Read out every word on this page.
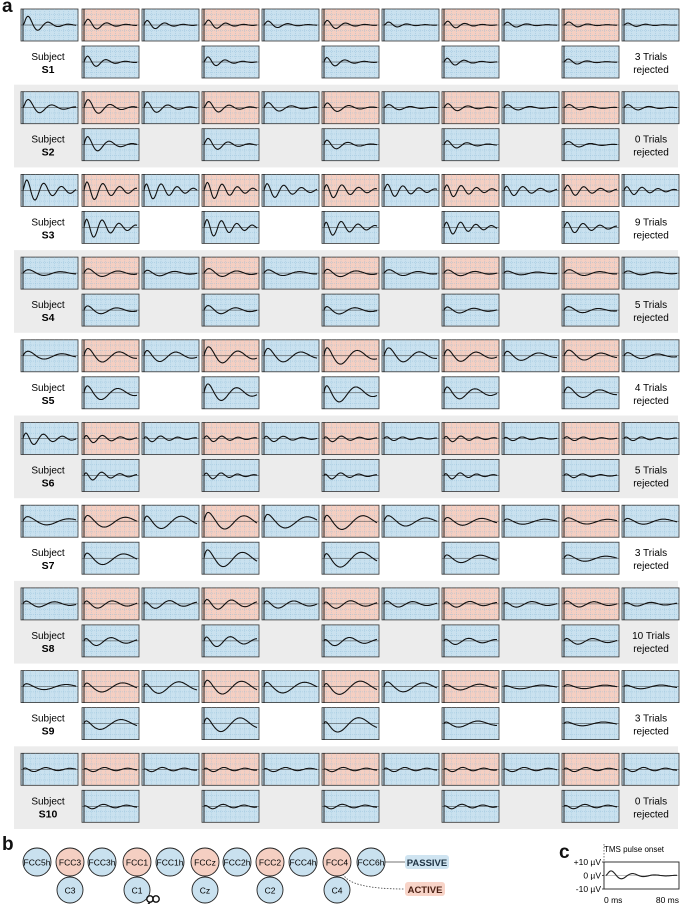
Subject
S1
3 Trials
rejected
Subject
S2
0 Trials
rejected
Subject
S3
9 Trials
rejected
Subject
S4
5 Trials
rejected
Subject
S5
4 Trials
rejected
Subject
S6
5 Trials
rejected
Subject
S7
3 Trials
rejected
Subject
S8
10 Trials
rejected
Subject
S9
3 Trials
rejected
Subject
S10
0 Trials
rejected
FCC5h FCC3 FCC3h FCC1 FCC1h FCCz FCC2h FCC2 FCC4h FCC4 FCC6h
C3	C1	Cz	C2	C4
PASSIVE
ACTIVE
TMS pulse onset
+10 µV
0 µV
-10 µV
0 ms	80 ms
a
b	c
